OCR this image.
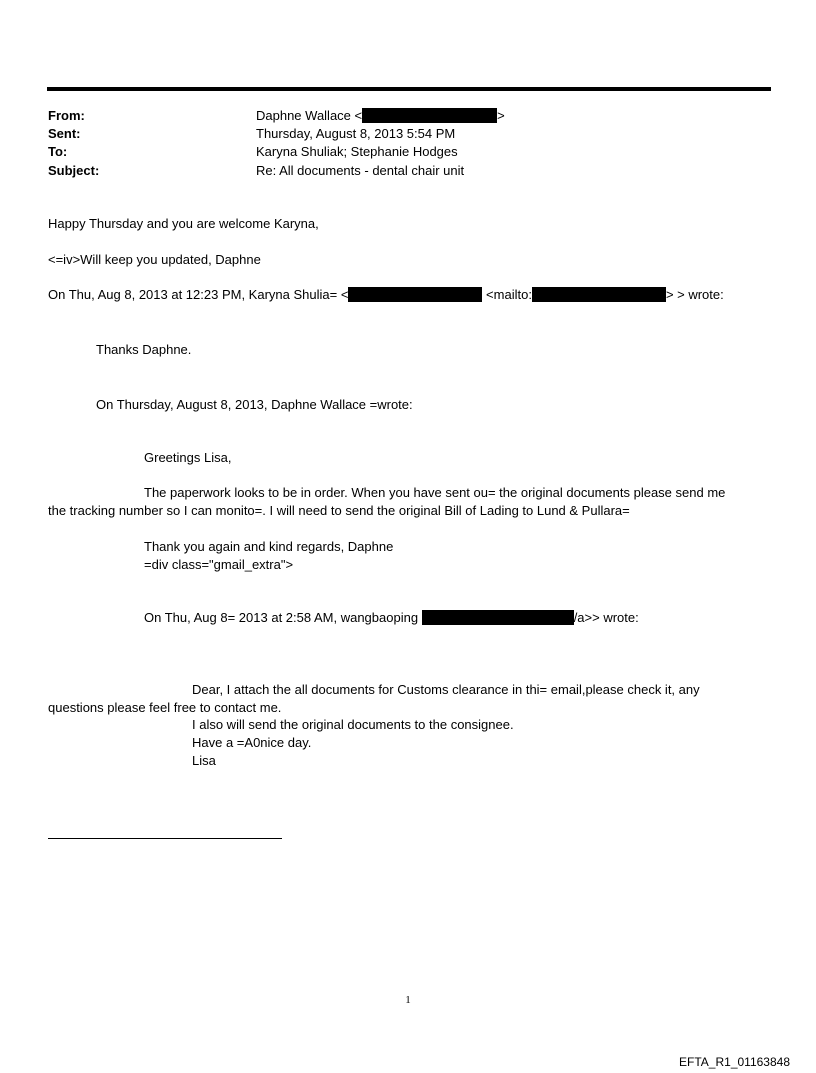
From:	Daphne Wallace <	>
Sent:	Thursday, August 8, 2013 5:54 PM
To:	Karyna Shuliak; Stephanie Hodges
Subject:	Re: All documents - dental chair unit
Happy Thursday and you are welcome Karyna,
<=iv>Will keep you updated, Daphne
On Thu, Aug 8, 2013 at 12:23 PM, Karyna Shulia= <	<mailto:	> > wrote:
Thanks Daphne.
On Thursday, August 8, 2013, Daphne Wallace =wrote:
Greetings Lisa,
The paperwork looks to be in order. When you have sent ou= the original documents please send me
the tracking number so I can monito=. I will need to send the original Bill of Lading to Lund & Pullara=
Thank you again and kind regards, Daphne
=div class="gmail_extra">
On Thu, Aug 8= 2013 at 2:58 AM, wangbaoping	/a>> wrote:
Dear, I attach the all documents for Customs clearance in thi= email,please check it, any
questions please feel free to contact me.
I also will send the original documents to the consignee.
Have a =A0nice day.
Lisa
1
EFTA_R1_01163848
